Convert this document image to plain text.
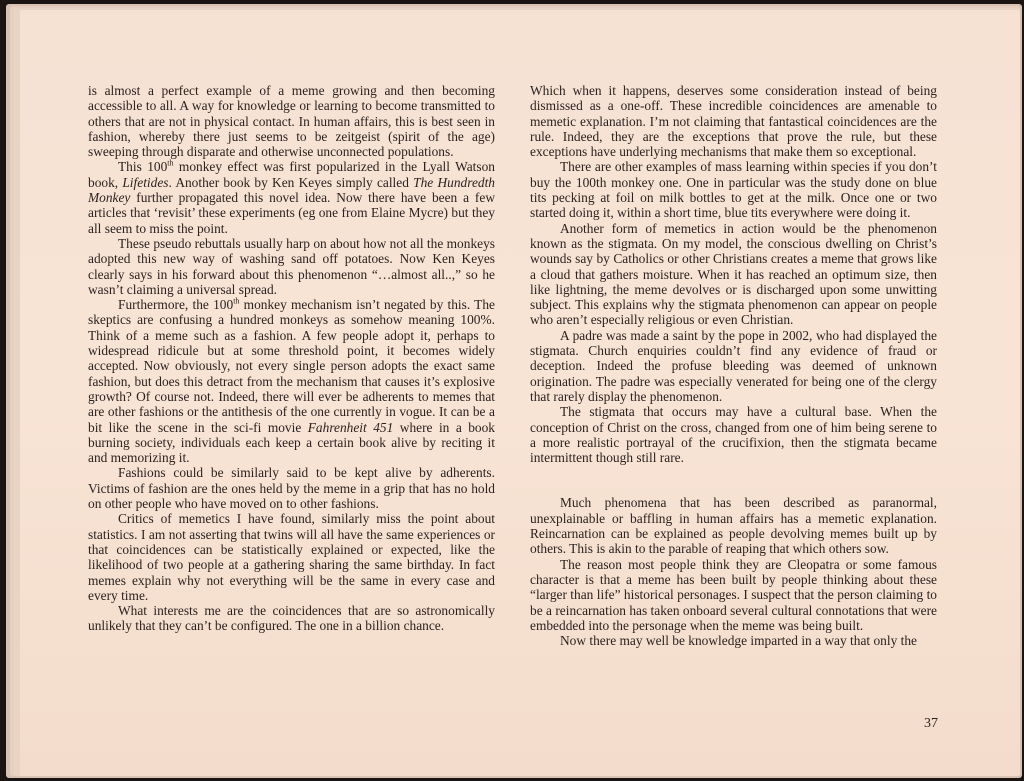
is almost a perfect example of a meme growing and then becoming accessible to all. A way for knowledge or learning to become transmitted to others that are not in physical contact. In human affairs, this is best seen in fashion, whereby there just seems to be zeitgeist (spirit of the age) sweeping through disparate and otherwise unconnected populations.

This 100th monkey effect was first popularized in the Lyall Watson book, Lifetides. Another book by Ken Keyes simply called The Hundredth Monkey further propagated this novel idea. Now there have been a few articles that ‘revisit’ these experiments (eg one from Elaine Mycre) but they all seem to miss the point.

These pseudo rebuttals usually harp on about how not all the monkeys adopted this new way of washing sand off potatoes. Now Ken Keyes clearly says in his forward about this phenomenon “…almost all..,” so he wasn’t claiming a universal spread.

Furthermore, the 100th monkey mechanism isn’t negated by this. The skeptics are confusing a hundred monkeys as somehow meaning 100%. Think of a meme such as a fashion. A few people adopt it, perhaps to widespread ridicule but at some threshold point, it becomes widely accepted. Now obviously, not every single person adopts the exact same fashion, but does this detract from the mechanism that causes it’s explosive growth? Of course not. Indeed, there will ever be adherents to memes that are other fashions or the antithesis of the one currently in vogue. It can be a bit like the scene in the sci-fi movie Fahrenheit 451 where in a book burning society, individuals each keep a certain book alive by reciting it and memorizing it.

Fashions could be similarly said to be kept alive by adherents. Victims of fashion are the ones held by the meme in a grip that has no hold on other people who have moved on to other fashions.

Critics of memetics I have found, similarly miss the point about statistics. I am not asserting that twins will all have the same experiences or that coincidences can be statistically explained or expected, like the likelihood of two people at a gathering sharing the same birthday. In fact memes explain why not everything will be the same in every case and every time.

What interests me are the coincidences that are so astronomically unlikely that they can’t be configured. The one in a billion chance.

Which when it happens, deserves some consideration instead of being dismissed as a one-off. These incredible coincidences are amenable to memetic explanation. I’m not claiming that fantastical coincidences are the rule. Indeed, they are the exceptions that prove the rule, but these exceptions have underlying mechanisms that make them so exceptional.

There are other examples of mass learning within species if you don’t buy the 100th monkey one. One in particular was the study done on blue tits pecking at foil on milk bottles to get at the milk. Once one or two started doing it, within a short time, blue tits everywhere were doing it.

Another form of memetics in action would be the phenomenon known as the stigmata. On my model, the conscious dwelling on Christ’s wounds say by Catholics or other Christians creates a meme that grows like a cloud that gathers moisture. When it has reached an optimum size, then like lightning, the meme devolves or is discharged upon some unwitting subject. This explains why the stigmata phenomenon can appear on people who aren’t especially religious or even Christian.

A padre was made a saint by the pope in 2002, who had displayed the stigmata. Church enquiries couldn’t find any evidence of fraud or deception. Indeed the profuse bleeding was deemed of unknown origination. The padre was especially venerated for being one of the clergy that rarely display the phenomenon.

The stigmata that occurs may have a cultural base. When the conception of Christ on the cross, changed from one of him being serene to a more realistic portrayal of the crucifixion, then the stigmata became intermittent though still rare.

Much phenomena that has been described as paranormal, unexplainable or baffling in human affairs has a memetic explanation. Reincarnation can be explained as people devolving memes built up by others. This is akin to the parable of reaping that which others sow.

The reason most people think they are Cleopatra or some famous character is that a meme has been built by people thinking about these “larger than life” historical personages. I suspect that the person claiming to be a reincarnation has taken onboard several cultural connotations that were embedded into the personage when the meme was being built.

Now there may well be knowledge imparted in a way that only the

37
